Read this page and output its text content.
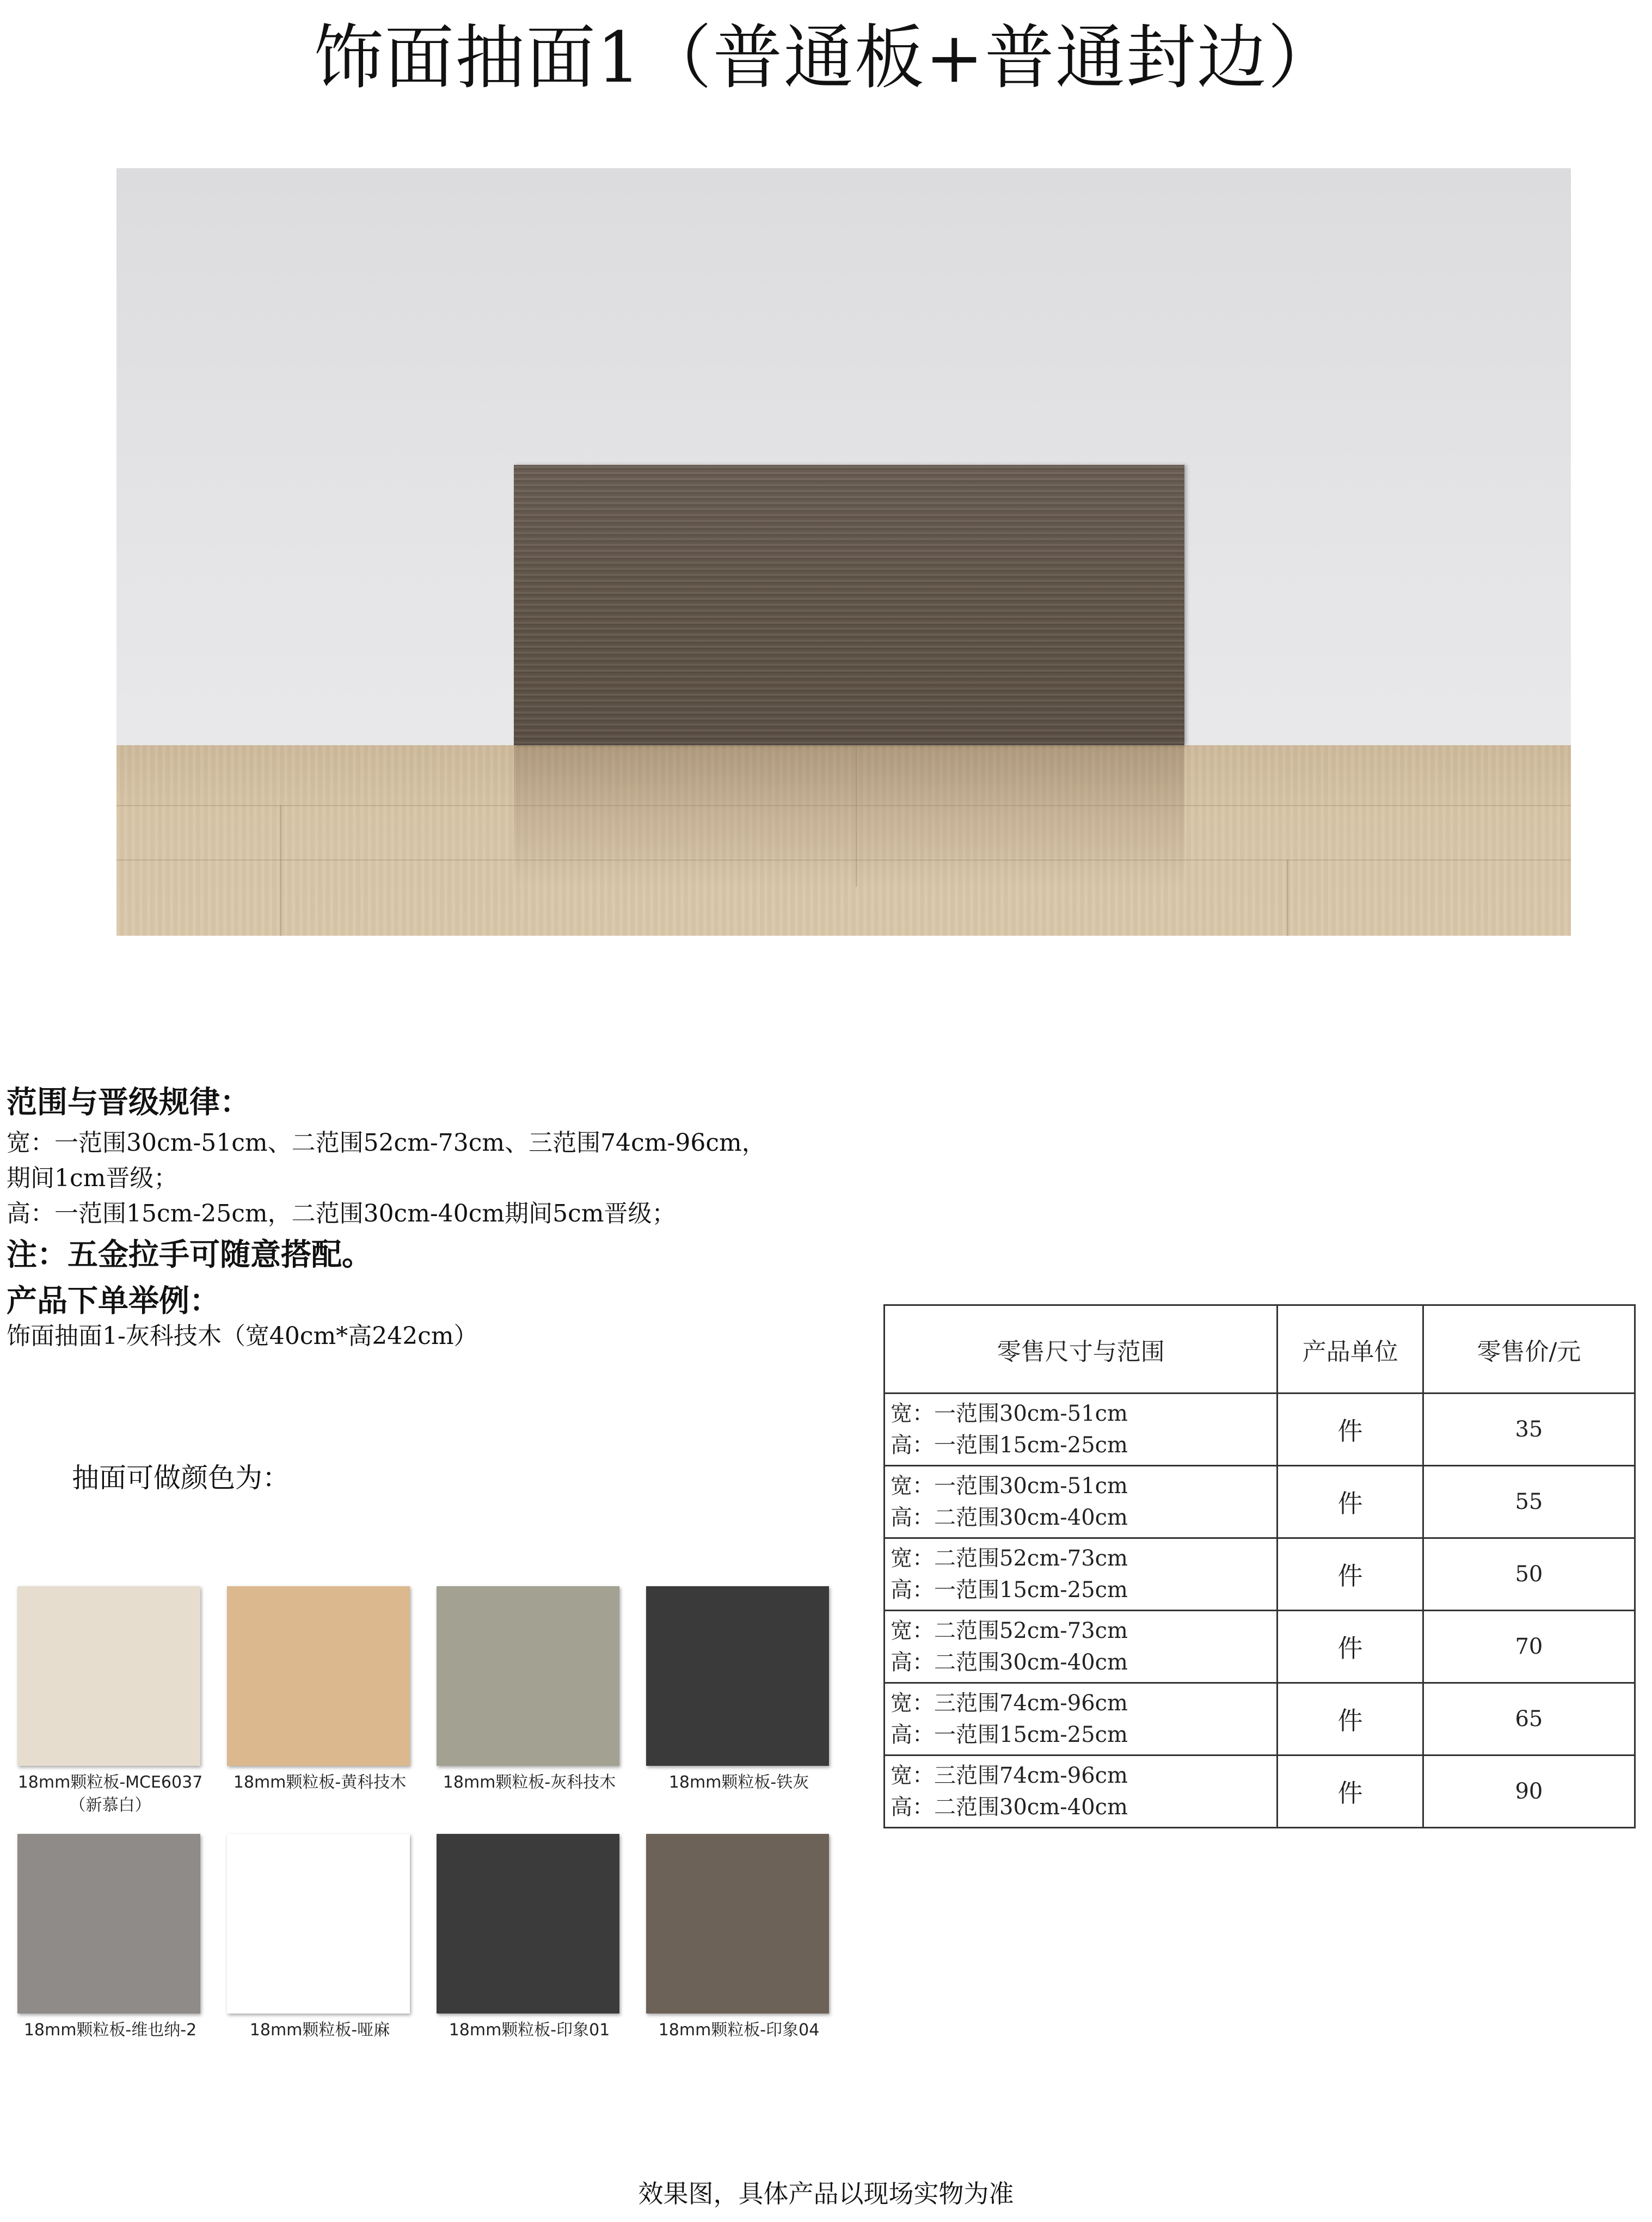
饰面抽面1（普通板+普通封边）
范围与晋级规律：
宽：一范围30cm-51cm、二范围52cm-73cm、三范围74cm-96cm，
期间1cm晋级；
高：一范围15cm-25cm，二范围30cm-40cm期间5cm晋级；
注：五金拉手可随意搭配。
产品下单举例：
饰面抽面1-灰科技木（宽40cm*高242cm）
抽面可做颜色为：
18mm颗粒板-MCE6037
（新慕白）
18mm颗粒板-黄科技木	18mm颗粒板-灰科技木	18mm颗粒板-铁灰
18mm颗粒板-维也纳-2	18mm颗粒板-哑麻	18mm颗粒板-印象01	18mm颗粒板-印象04
零售尺寸与范围	产品单位	零售价/元

宽：一范围30cm-51cm
高：一范围15cm-25cm	件	35

宽：一范围30cm-51cm
高：二范围30cm-40cm	件	55

宽：二范围52cm-73cm
高：一范围15cm-25cm	件	50

宽：二范围52cm-73cm
高：二范围30cm-40cm	件	70

宽：三范围74cm-96cm
高：一范围15cm-25cm	件	65

宽：三范围74cm-96cm
高：二范围30cm-40cm	件	90
效果图，具体产品以现场实物为准
